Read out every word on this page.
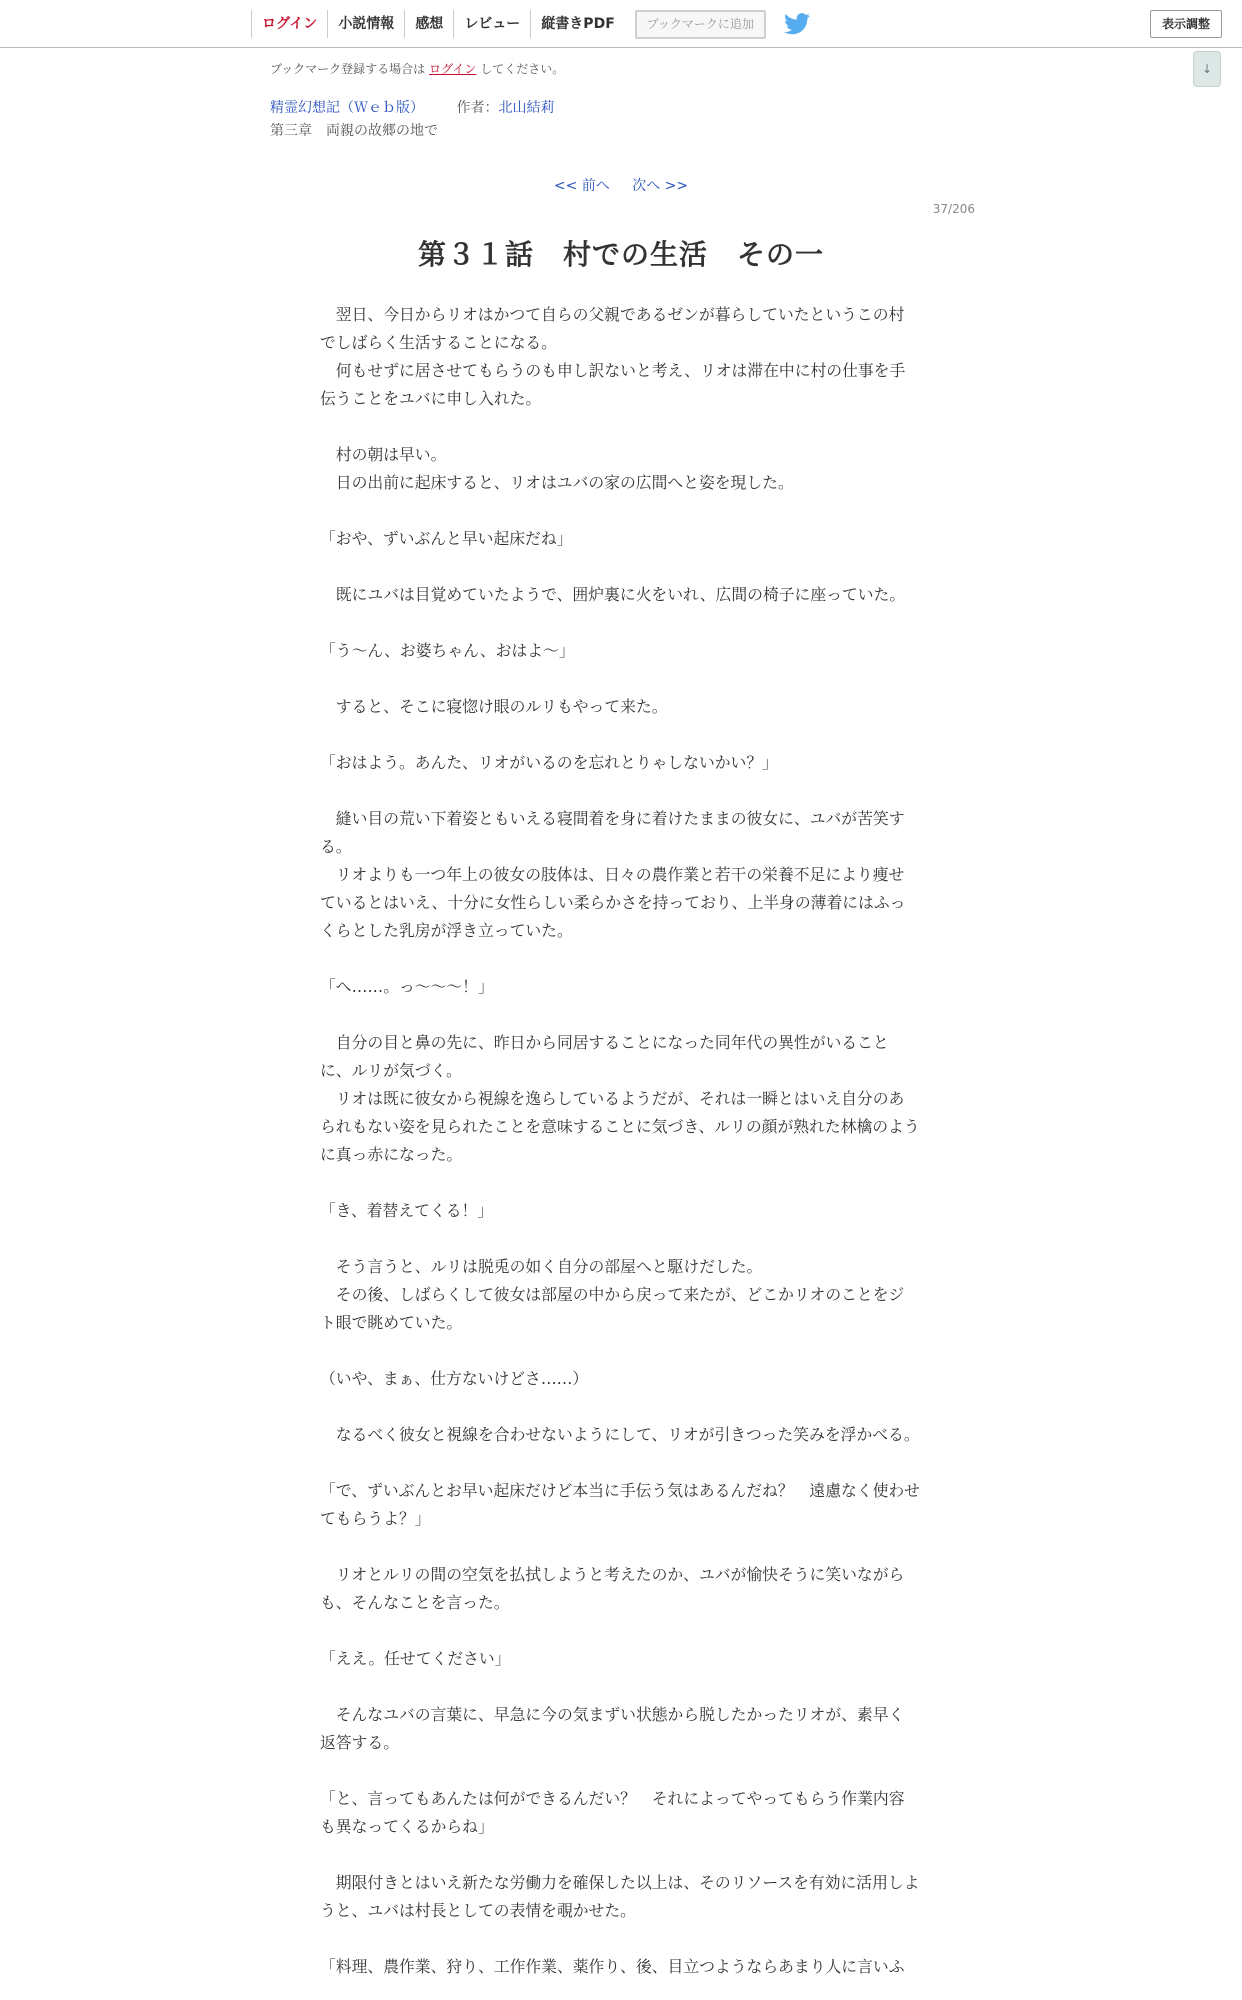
ログイン	小説情報	感想	レビュー	縦書きPDF	ブックマークに追加	表示調整
↓
ブックマーク登録する場合は ログイン してください。
精霊幻想記（Ｗｅｂ版） 作者：北山結莉
第三章　両親の故郷の地で
<< 前へ 次へ >>
37/206
第３１話　村での生活　その一

　翌日、今日からリオはかつて自らの父親であるゼンが暮らしていたというこの村でしばらく生活することになる。

　何もせずに居させてもらうのも申し訳ないと考え、リオは滞在中に村の仕事を手伝うことをユバに申し入れた。

　村の朝は早い。

　日の出前に起床すると、リオはユバの家の広間へと姿を現した。

「おや、ずいぶんと早い起床だね」

　既にユバは目覚めていたようで、囲炉裏に火をいれ、広間の椅子に座っていた。

「う～ん、お婆ちゃん、おはよ～」

　すると、そこに寝惚け眼のルリもやって来た。

「おはよう。あんた、リオがいるのを忘れとりゃしないかい？」

　縫い目の荒い下着姿ともいえる寝間着を身に着けたままの彼女に、ユバが苦笑する。

　リオよりも一つ年上の彼女の肢体は、日々の農作業と若干の栄養不足により痩せているとはいえ、十分に女性らしい柔らかさを持っており、上半身の薄着にはふっくらとした乳房が浮き立っていた。

「へ……。っ～～～！」

　自分の目と鼻の先に、昨日から同居することになった同年代の異性がいることに、ルリが気づく。

　リオは既に彼女から視線を逸らしているようだが、それは一瞬とはいえ自分のあられもない姿を見られたことを意味することに気づき、ルリの顔が熟れた林檎のように真っ赤になった。

「き、着替えてくる！」

　そう言うと、ルリは脱兎の如く自分の部屋へと駆けだした。

　その後、しばらくして彼女は部屋の中から戻って来たが、どこかリオのことをジト眼で眺めていた。

（いや、まぁ、仕方ないけどさ……）

　なるべく彼女と視線を合わせないようにして、リオが引きつった笑みを浮かべる。

「で、ずいぶんとお早い起床だけど本当に手伝う気はあるんだね？　遠慮なく使わせてもらうよ？」

　リオとルリの間の空気を払拭しようと考えたのか、ユバが愉快そうに笑いながらも、そんなことを言った。

「ええ。任せてください」

　そんなユバの言葉に、早急に今の気まずい状態から脱したかったリオが、素早く返答する。

「と、言ってもあんたは何ができるんだい？　それによってやってもらう作業内容も異なってくるからね」

　期限付きとはいえ新たな労働力を確保した以上は、そのリソースを有効に活用しようと、ユバは村長としての表情を覗かせた。

「料理、農作業、狩り、工作作業、薬作り、後、目立つようならあまり人に言いふ
